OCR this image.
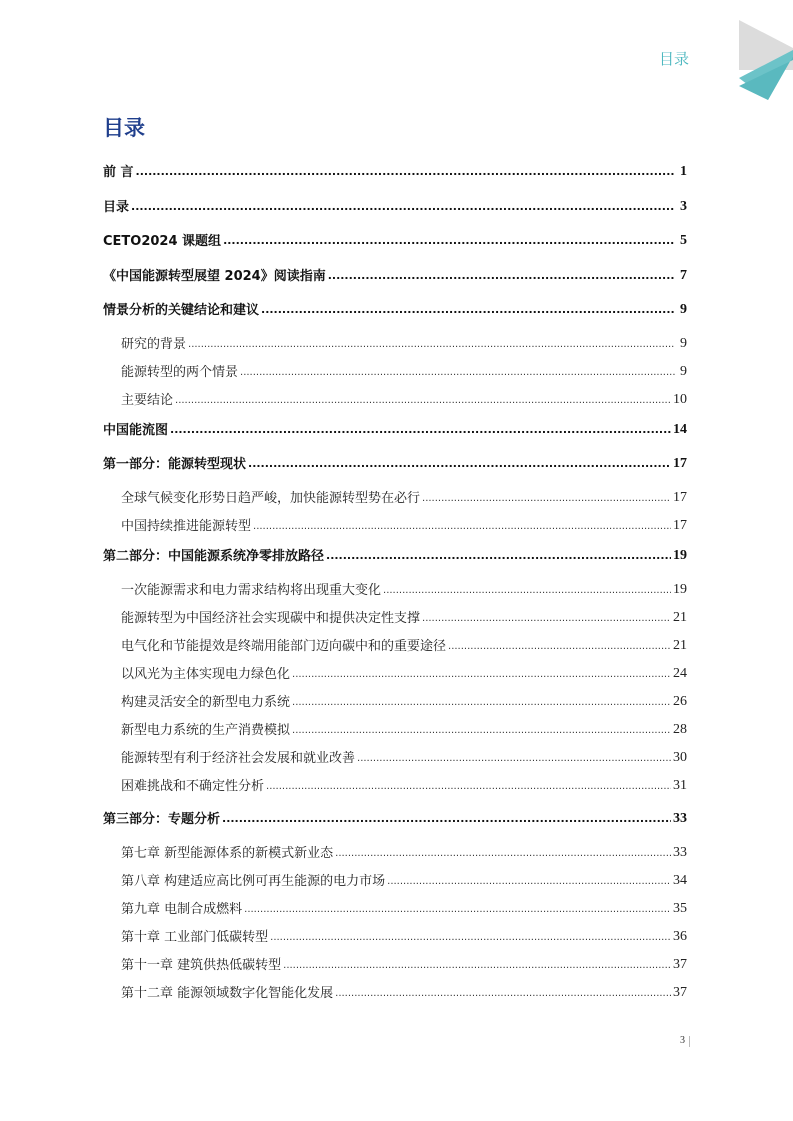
目录
目录
前 言 .....	1
目录 .....	3
CETO2024 课题组 .....	5
《中国能源转型展望 2024》阅读指南 .....	7
情景分析的关键结论和建议 .....	9
研究的背景 .....	9
能源转型的两个情景 .....	9
主要结论 .....	10
中国能流图 .....	14
第一部分：能源转型现状 .....	17
全球气候变化形势日趋严峻，加快能源转型势在必行 .....	17
中国持续推进能源转型 .....	17
第二部分：中国能源系统净零排放路径 .....	19
一次能源需求和电力需求结构将出现重大变化 .....	19
能源转型为中国经济社会实现碳中和提供决定性支撑 .....	21
电气化和节能提效是终端用能部门迈向碳中和的重要途径 .....	21
以风光为主体实现电力绿色化 .....	24
构建灵活安全的新型电力系统 .....	26
新型电力系统的生产消费模拟 .....	28
能源转型有利于经济社会发展和就业改善 .....	30
困难挑战和不确定性分析 .....	31
第三部分：专题分析 .....	33
第七章 新型能源体系的新模式新业态 .....	33
第八章 构建适应高比例可再生能源的电力市场 .....	34
第九章 电制合成燃料 .....	35
第十章 工业部门低碳转型 .....	36
第十一章 建筑供热低碳转型 .....	37
第十二章 能源领域数字化智能化发展 .....	37
3
